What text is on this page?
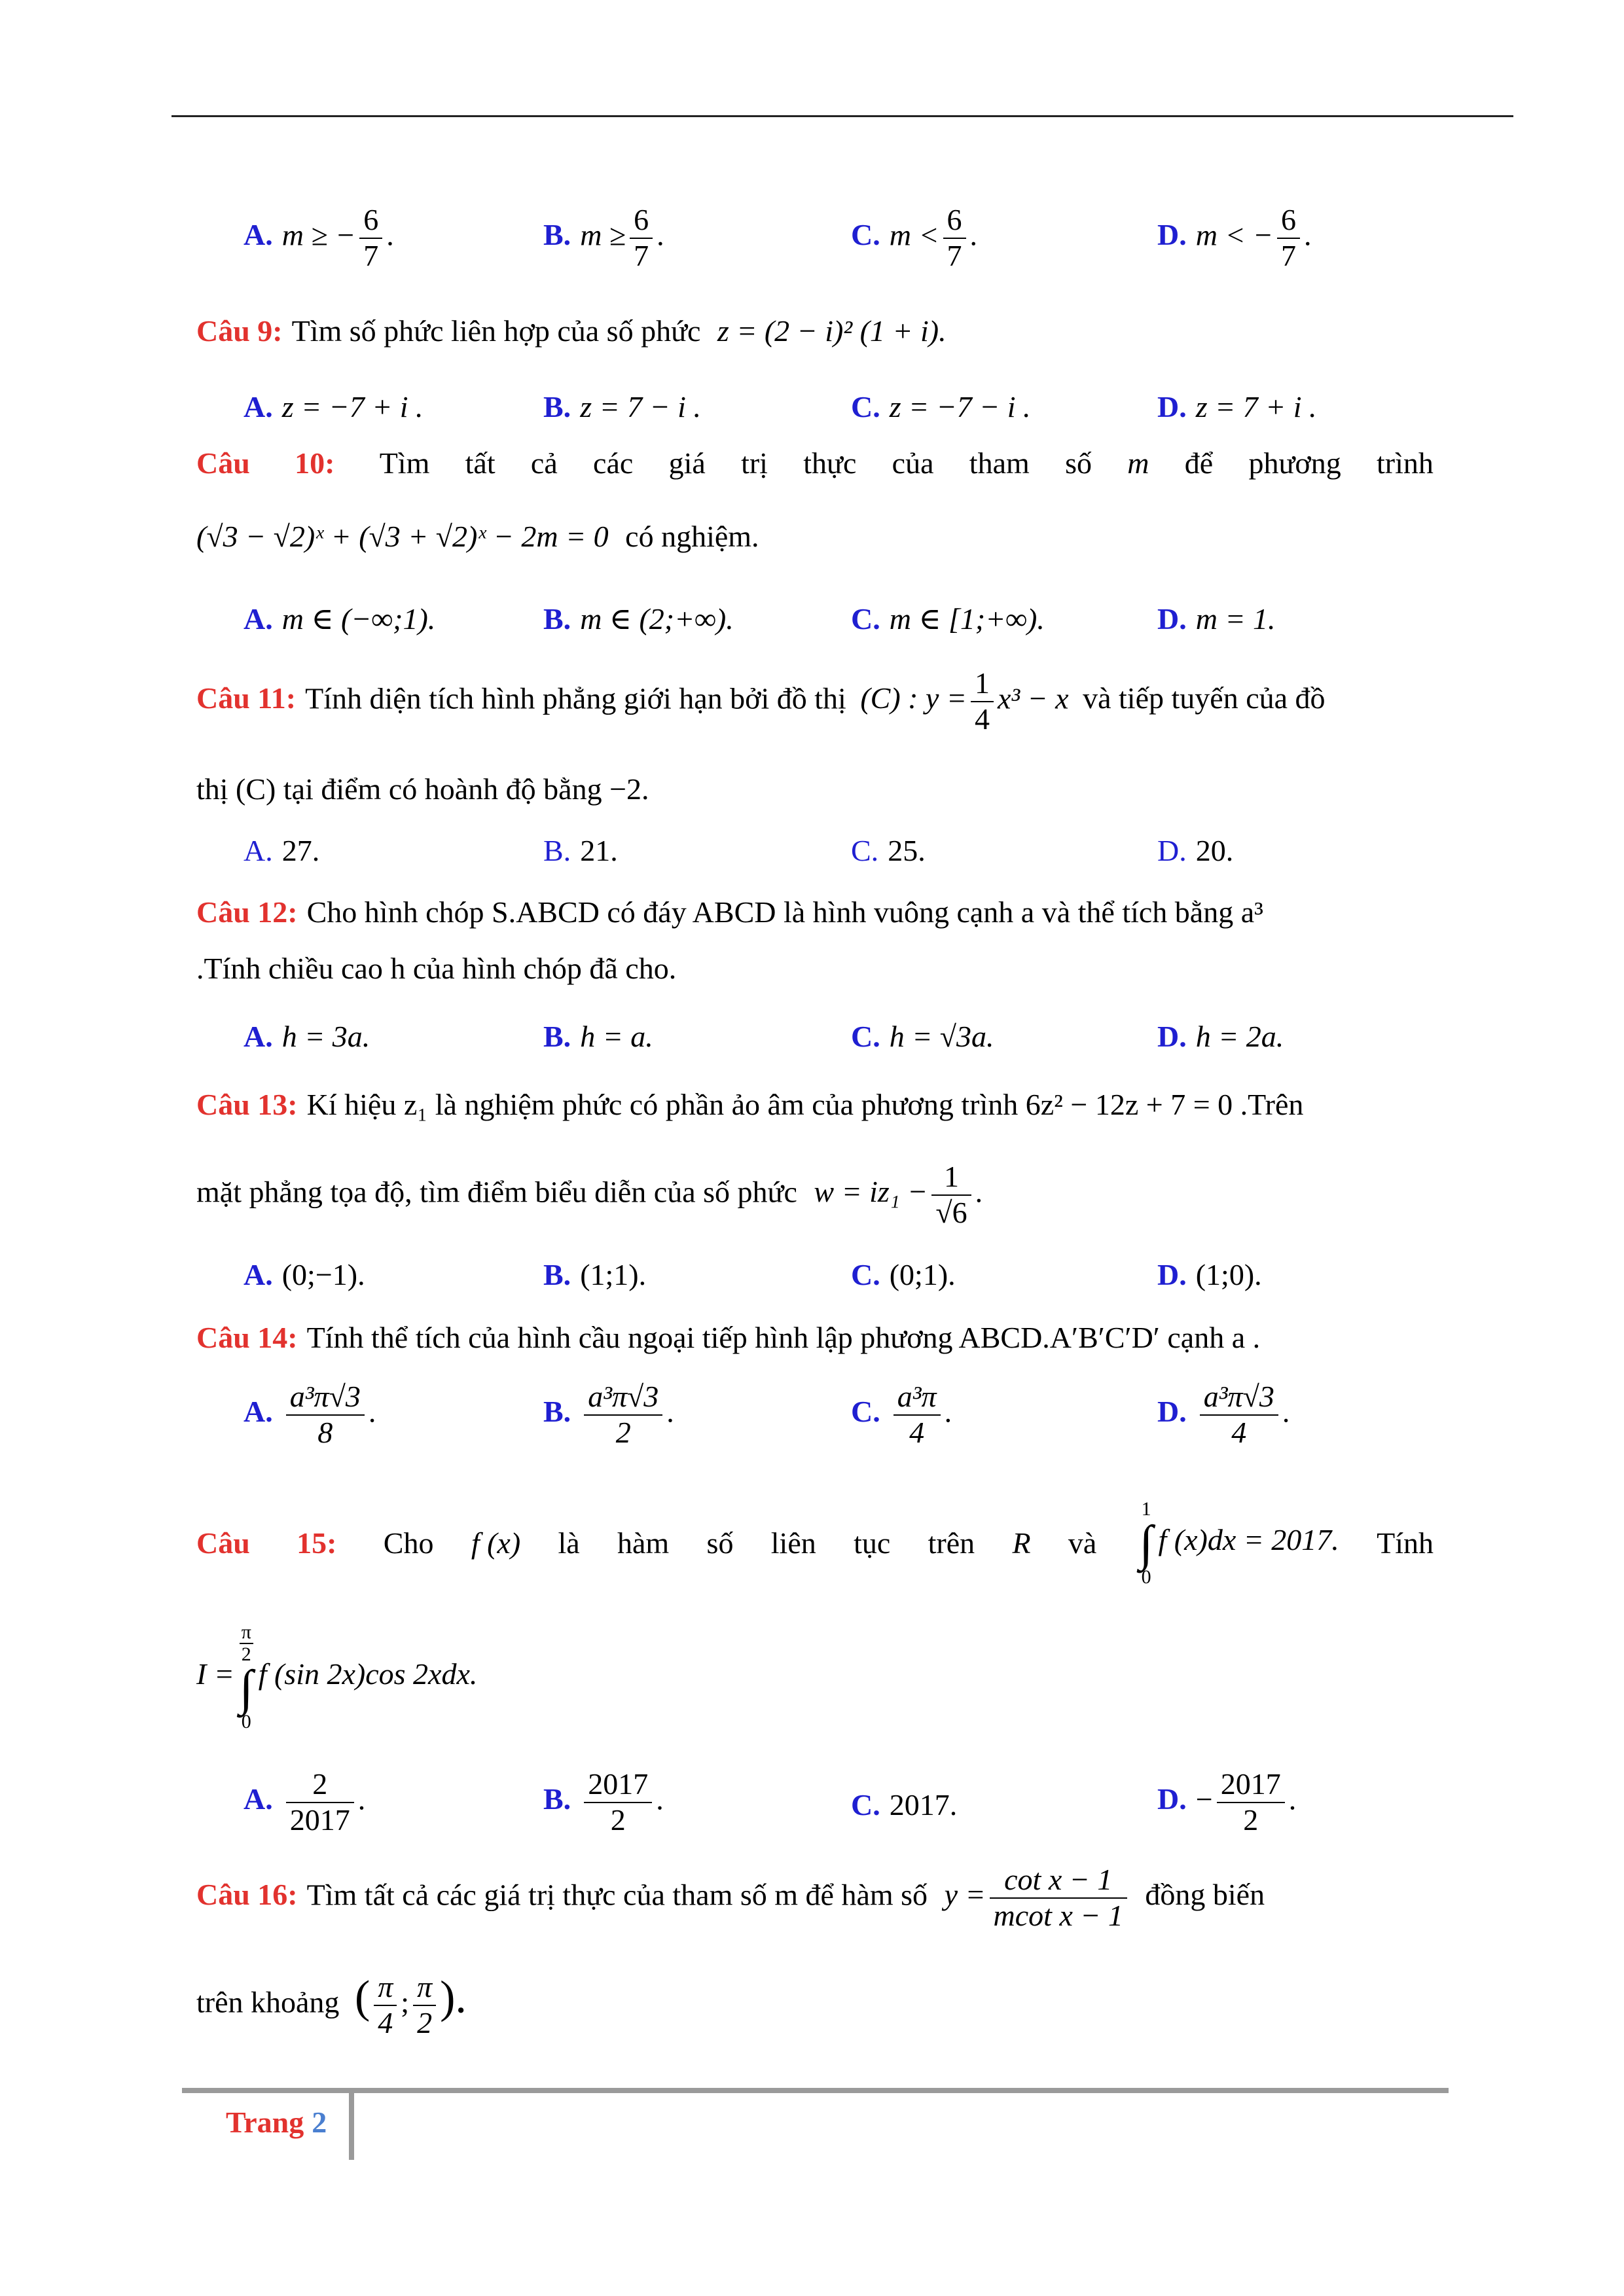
A. m ≥ − $\frac{6}{7}$ .	B. $m \ge \frac{6}{7}$ .	C. $m < \frac{6}{7}$ .	D. m < − $\frac{6}{7}$ .
Câu 9: Tìm số phức liên hợp của số phức z = (2 − i)² (1 + i).
A. z = −7 + i .	B. z = 7 − i .	C. z = −7 − i .	D. z = 7 + i .
Câu 10: Tìm tất cả các giá trị thực của tham số m để phương trình
(√3 − √2)ˣ + (√3 + √2)ˣ − 2m = 0 có nghiệm.
A. m ∈ (−∞;1).	B. m ∈ (2;+∞).	C. m ∈ [1;+∞).	D. m = 1.
Câu 11: Tính diện tích hình phẳng giới hạn bởi đồ thị (C) : $y = \frac{1}{4} x^3 - x$ và tiếp tuyến của đồ
thị (C) tại điểm có hoành độ bằng −2.
A. 27.	B. 21.	C. 25.	D. 20.
Câu 12: Cho hình chóp S.ABCD có đáy ABCD là hình vuông cạnh a và thể tích bằng a³
.Tính chiều cao h của hình chóp đã cho.
A. h = 3a.	B. h = a.	C. h = √3a.	D. h = 2a.
Câu 13: Kí hiệu z₁ là nghiệm phức có phần ảo âm của phương trình 6z² − 12z + 7 = 0 .Trên
mặt phẳng tọa độ, tìm điểm biểu diễn của số phức $w = iz_1 - \frac{1}{√6}$ .
A. (0;−1).	B. (1;1).	C. (0;1).	D. (1;0).
Câu 14: Tính thể tích của hình cầu ngoại tiếp hình lập phương ABCD.A′B′C′D′ cạnh a .
A. $\frac{\text{a³π√3}}{8}$ .	B. $\frac{\text{a³π√3}}{2}$ .	C. $\frac{\text{a³π}}{4}$ .	D. $\frac{\text{a³π√3}}{4}$ .
Câu 15: Cho f (x) là hàm số liên tục trên R và
1
∫
0
f (x)dx = 2017. Tính
I =
π
2
∫
0
f (sin 2x)cos 2xdx.
A. $\frac{2}{2017}$ .	B. $\frac{2017}{2}$ .	C. 2017.	D. − $\frac{2017}{2}$ .
Câu 16: Tìm tất cả các giá trị thực của tham số m để hàm số $y = \frac{\text{cot x − 1}}{\text{mcot x − 1}}$ đồng biến
trên khoảng ( $\frac{\pi}{4}$ ; $\frac{\pi}{2}$ ).
Trang 2
